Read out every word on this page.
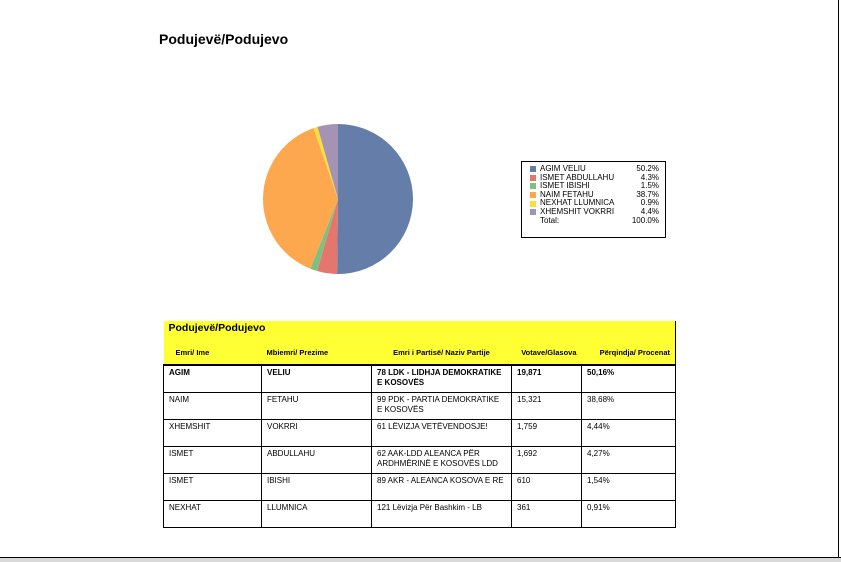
Podujevë/Podujevo
AGIM VELIU	50.2%
ISMET ABDULLAHU	4.3%
ISMET IBISHI	1.5%
NAIM FETAHU	38.7%
NEXHAT LLUMNICA	0.9%
XHEMSHIT VOKRRI	4.4%
Total:	100.0%
Podujevë/Podujevo				
Emri/ Ime	Mbiemri/ Prezime	Emri i Partisë/ Naziv Partije	Votave/Glasova	Përqindja/ Procenat
AGIM	VELIU	78 LDK - LIDHJA DEMOKRATIKE E KOSOVËS	19,871	50,16%
NAIM	FETAHU	99 PDK - PARTIA DEMOKRATIKE E KOSOVËS	15,321	38,68%
XHEMSHIT	VOKRRI	61 LËVIZJA VETËVENDOSJE!	1,759	4,44%
ISMET	ABDULLAHU	62 AAK-LDD ALEANCA PËR ARDHMËRINË E KOSOVËS LDD	1,692	4,27%
ISMET	IBISHI	89 AKR - ALEANCA KOSOVA E RE	610	1,54%
NEXHAT	LLUMNICA	121 Lëvizja Për Bashkim - LB	361	0,91%
